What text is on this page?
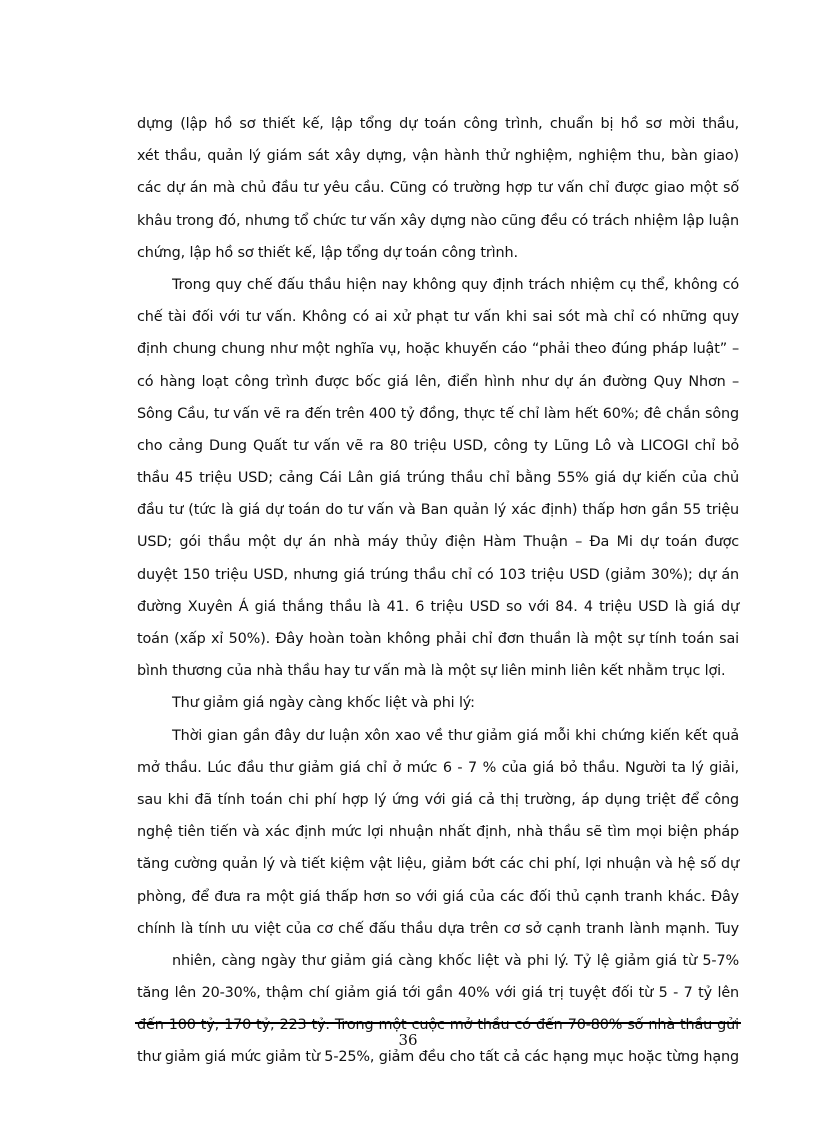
dựng (lập hồ sơ thiết kế, lập tổng dự toán công trình, chuẩn bị hồ sơ mời thầu,
xét thầu, quản lý giám sát xây dựng, vận hành thử nghiệm, nghiệm thu, bàn giao)
các dự án mà chủ đầu tư yêu cầu. Cũng có trường hợp tư vấn chỉ được giao một số
khâu trong đó, nhưng tổ chức tư vấn xây dựng nào cũng đều có trách nhiệm lập luận
chứng, lập hồ sơ thiết kế, lập tổng dự toán công trình.
Trong quy chế đấu thầu hiện nay không quy định trách nhiệm cụ thể, không có
chế tài đối với tư vấn. Không có ai xử phạt tư vấn khi sai sót mà chỉ có những quy
định chung chung như một nghĩa vụ, hoặc khuyến cáo “phải theo đúng pháp luật” –
có hàng loạt công trình được bốc giá lên, điển hình như dự án đường Quy Nhơn –
Sông Cầu, tư vấn vẽ ra đến trên 400 tỷ đồng, thực tế chỉ làm hết 60%; đê chắn sông
cho cảng Dung Quất tư vấn vẽ ra 80 triệu USD, công ty Lũng Lô và LICOGI chỉ bỏ
thầu 45 triệu USD; cảng Cái Lân giá trúng thầu chỉ bằng 55% giá dự kiến của chủ
đầu tư (tức là giá dự toán do tư vấn và Ban quản lý xác định) thấp hơn gần 55 triệu
USD; gói thầu một dự án nhà máy thủy điện Hàm Thuận – Đa Mi dự toán được
duyệt 150 triệu USD, nhưng giá trúng thầu chỉ có 103 triệu USD (giảm 30%); dự án
đường Xuyên Á giá thắng thầu là 41. 6 triệu USD so với 84. 4 triệu USD là giá dự
toán (xấp xỉ 50%). Đây hoàn toàn không phải chỉ đơn thuần là một sự tính toán sai
bình thương của nhà thầu hay tư vấn mà là một sự liên minh liên kết nhằm trục lợi.
Thư giảm giá ngày càng khốc liệt và phi lý:
Thời gian gần đây dư luận xôn xao về thư giảm giá mỗi khi chứng kiến kết quả
mở thầu. Lúc đầu thư giảm giá chỉ ở mức 6 - 7 % của giá bỏ thầu. Người ta lý giải,
sau khi đã tính toán chi phí hợp lý ứng với giá cả thị trường, áp dụng triệt để công
nghệ tiên tiến và xác định mức lợi nhuận nhất định, nhà thầu sẽ tìm mọi biện pháp
tăng cường quản lý và tiết kiệm vật liệu, giảm bớt các chi phí, lợi nhuận và hệ số dự
phòng, để đưa ra một giá thấp hơn so với giá của các đối thủ cạnh tranh khác. Đây
chính là tính ưu việt của cơ chế đấu thầu dựa trên cơ sở cạnh tranh lành mạnh. Tuy
nhiên, càng ngày thư giảm giá càng khốc liệt và phi lý. Tỷ lệ giảm giá từ 5-7%
tăng lên 20-30%, thậm chí giảm giá tới gần 40% với giá trị tuyệt đối từ 5 - 7 tỷ lên
đến 100 tỷ, 170 tỷ, 223 tỷ. Trong một cuộc mở thầu có đến 70-80% số nhà thầu gửi
thư giảm giá mức giảm từ 5-25%, giảm đều cho tất cả các hạng mục hoặc từng hạng
36
